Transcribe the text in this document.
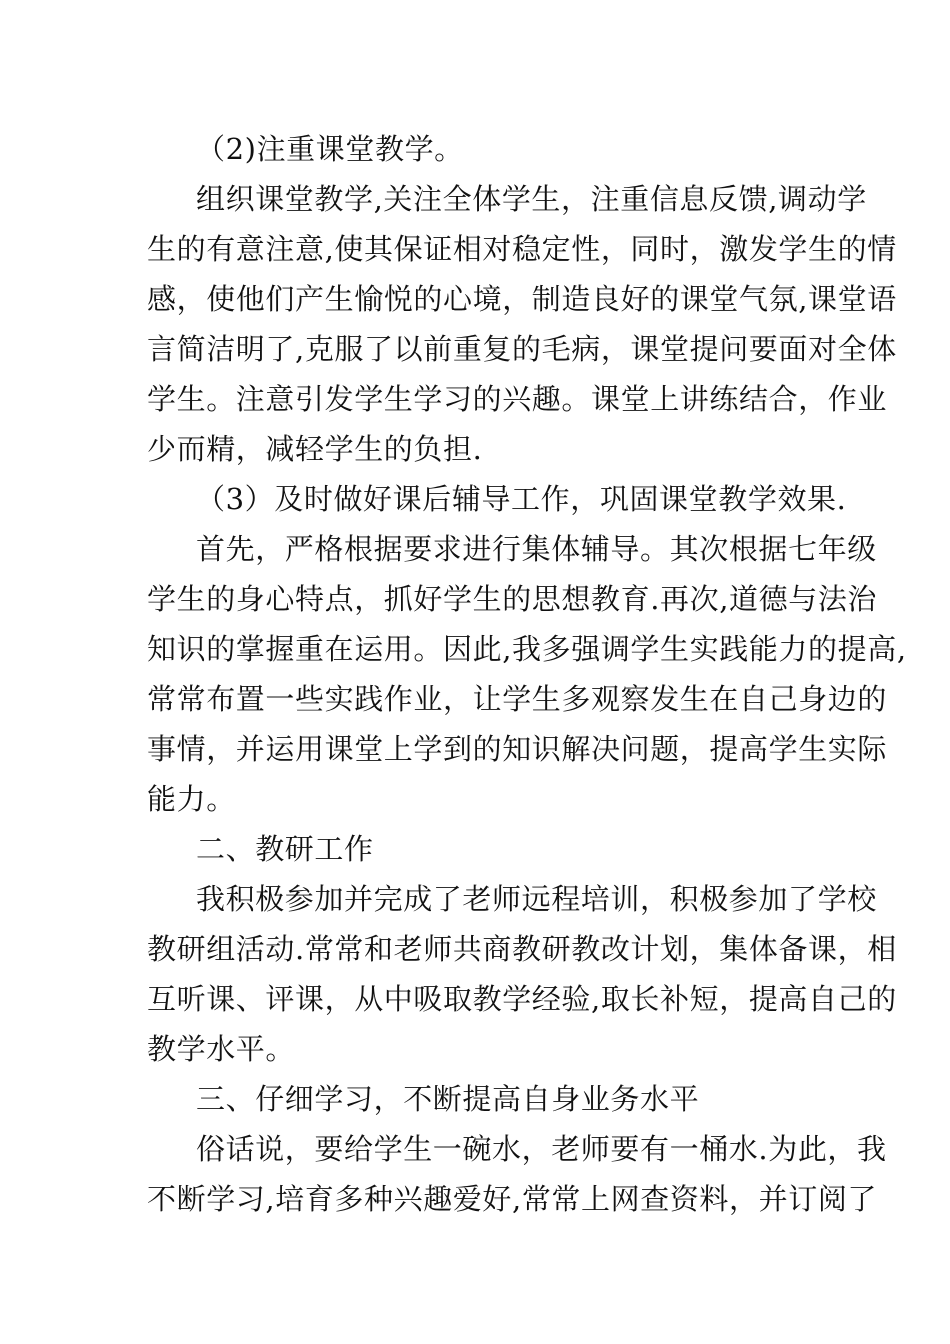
（2)注重课堂教学。
组织课堂教学,关注全体学生，注重信息反馈,调动学
生的有意注意,使其保证相对稳定性，同时，激发学生的情
感，使他们产生愉悦的心境，制造良好的课堂气氛,课堂语
言简洁明了,克服了以前重复的毛病，课堂提问要面对全体
学生。注意引发学生学习的兴趣。课堂上讲练结合，作业
少而精，减轻学生的负担.
（3）及时做好课后辅导工作，巩固课堂教学效果.
首先，严格根据要求进行集体辅导。其次根据七年级
学生的身心特点，抓好学生的思想教育.再次,道德与法治
知识的掌握重在运用。因此,我多强调学生实践能力的提高,
常常布置一些实践作业，让学生多观察发生在自己身边的
事情，并运用课堂上学到的知识解决问题，提高学生实际
能力。
二、教研工作
我积极参加并完成了老师远程培训，积极参加了学校
教研组活动.常常和老师共商教研教改计划，集体备课，相
互听课、评课，从中吸取教学经验,取长补短，提高自己的
教学水平。
三、仔细学习，不断提高自身业务水平
俗话说，要给学生一碗水，老师要有一桶水.为此，我
不断学习,培育多种兴趣爱好,常常上网查资料，并订阅了
